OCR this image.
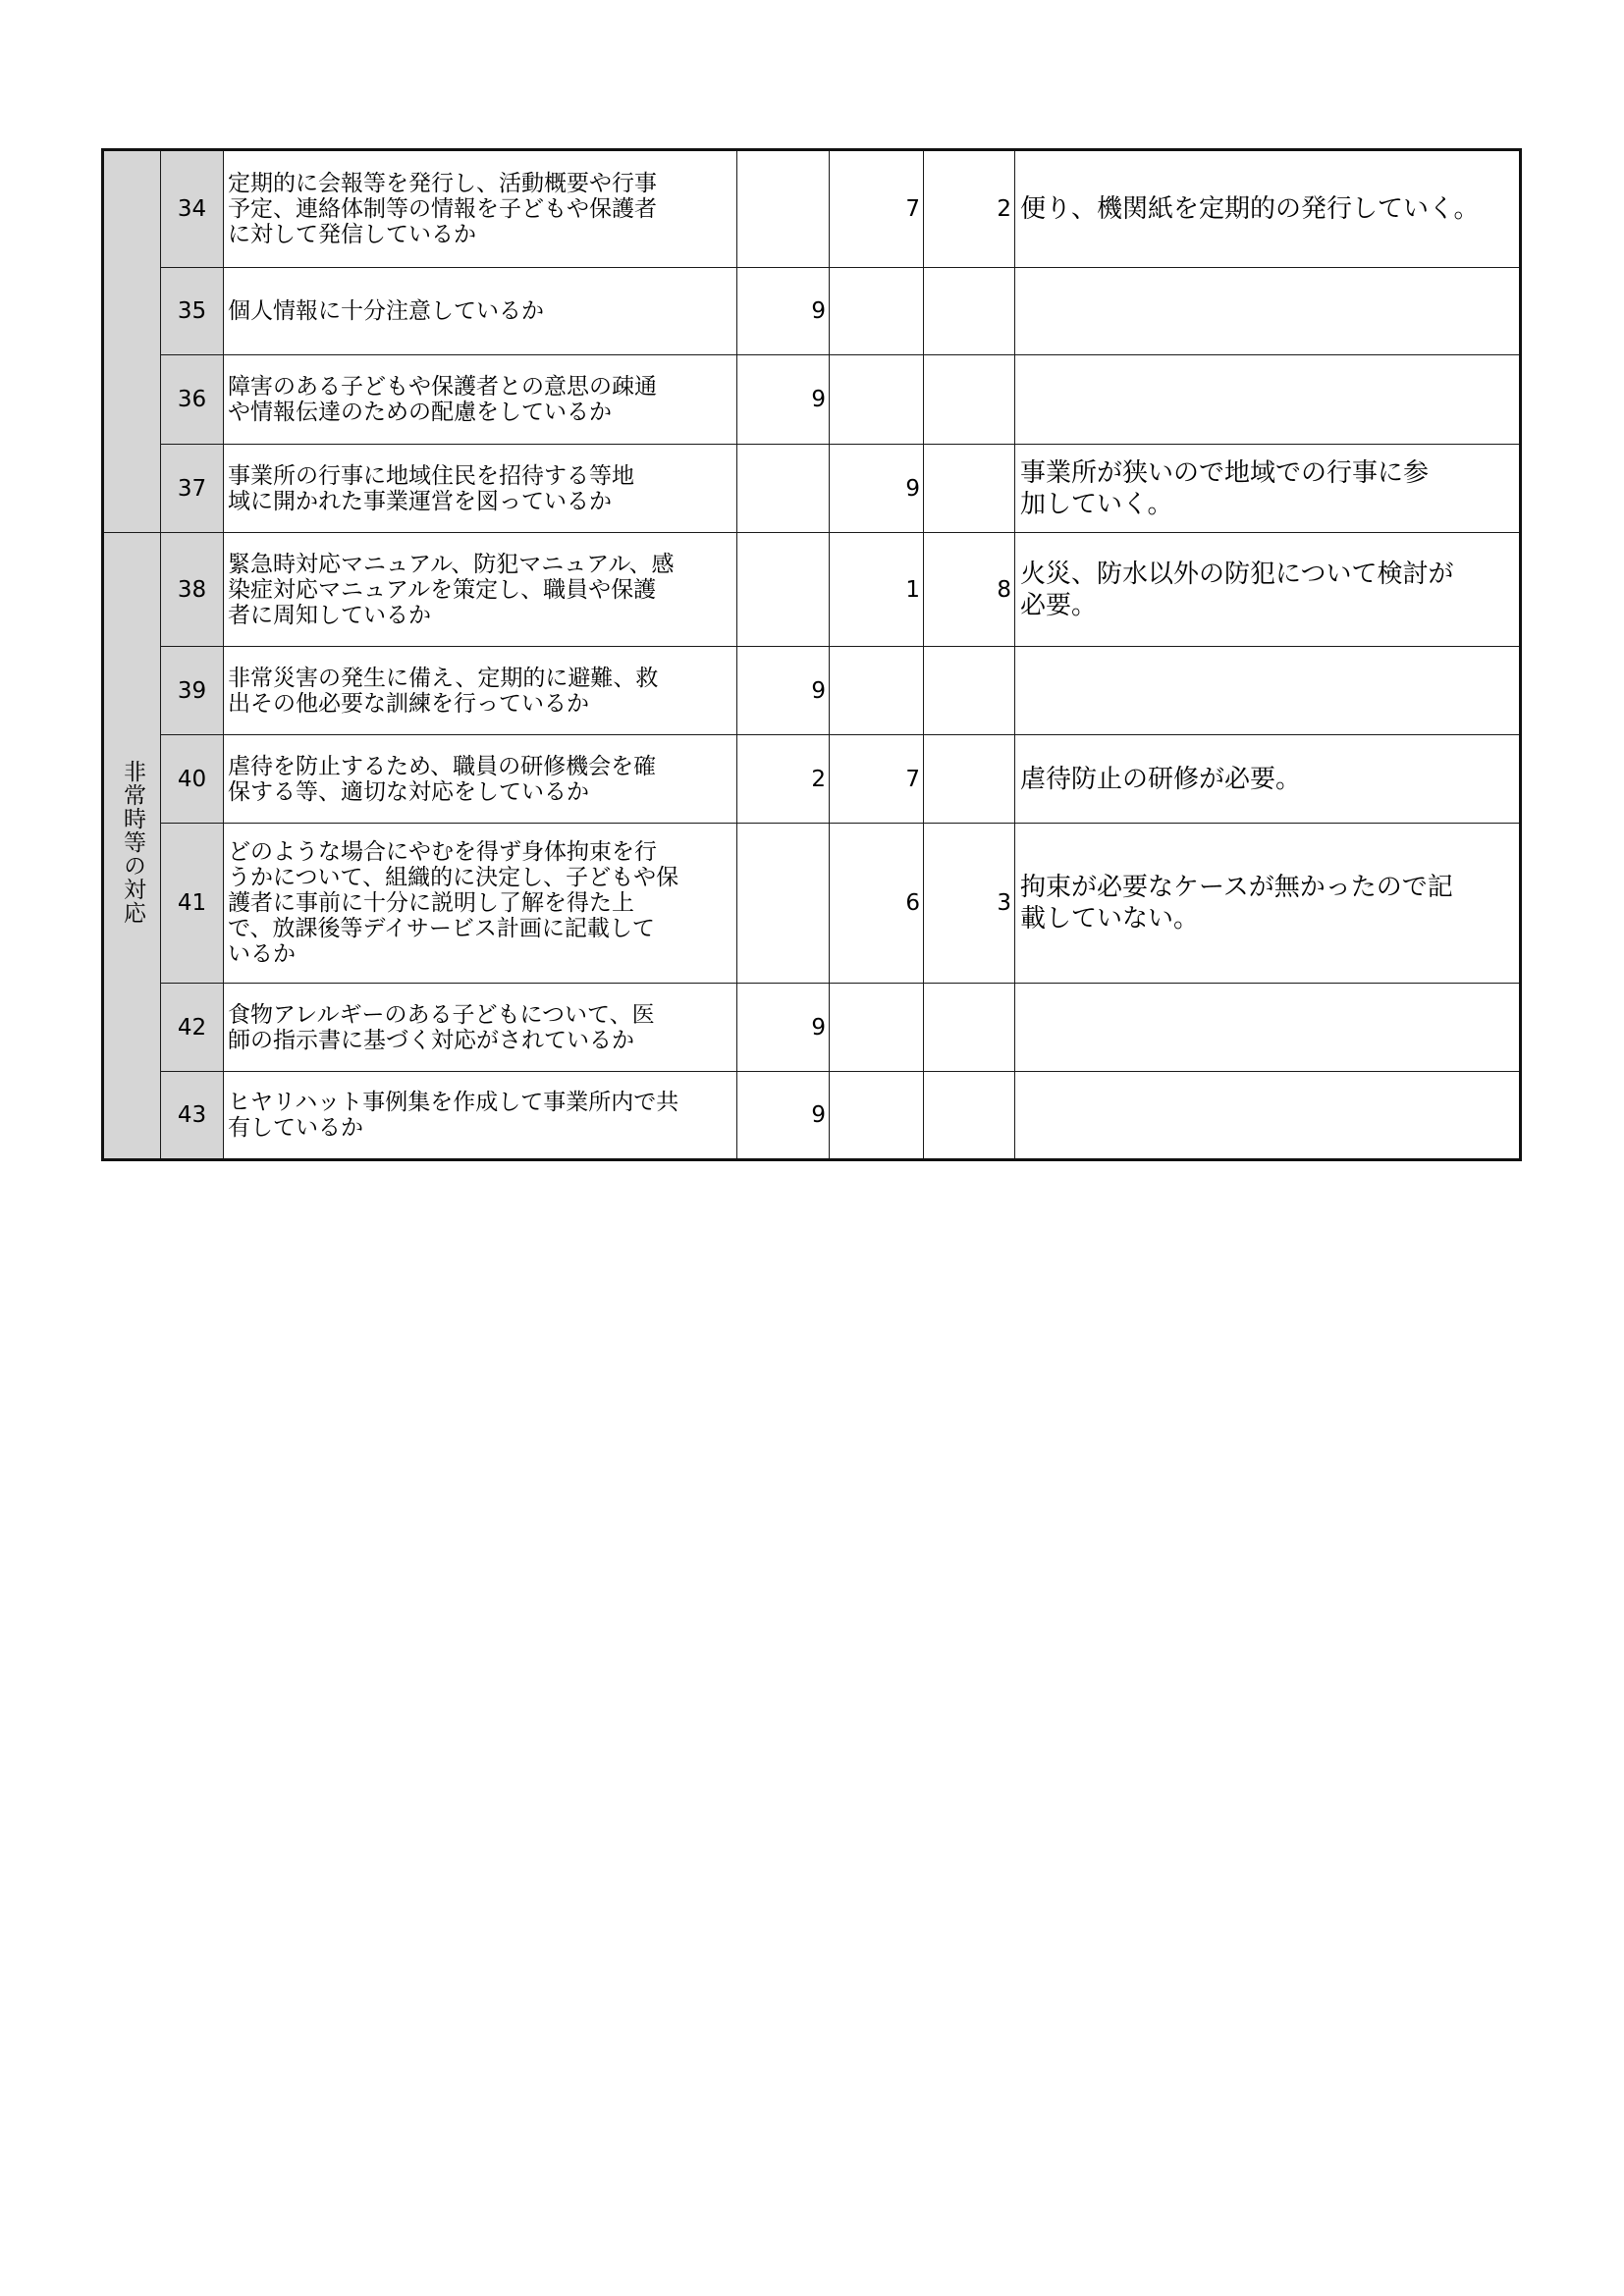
	34	定期的に会報等を発行し、活動概要や行事
予定、連絡体制等の情報を子どもや保護者
に対して発信しているか		7	2	便り、機関紙を定期的の発行していく。
	35	個人情報に十分注意しているか	9			
	36	障害のある子どもや保護者との意思の疎通
や情報伝達のための配慮をしているか	9			
	37	事業所の行事に地域住民を招待する等地
域に開かれた事業運営を図っているか		9		事業所が狭いので地域での行事に参
加していく。
非常時等の対応	38	緊急時対応マニュアル、防犯マニュアル、感
染症対応マニュアルを策定し、職員や保護
者に周知しているか		1	8	火災、防水以外の防犯について検討が
必要。
	39	非常災害の発生に備え、定期的に避難、救
出その他必要な訓練を行っているか	9			
	40	虐待を防止するため、職員の研修機会を確
保する等、適切な対応をしているか	2	7		虐待防止の研修が必要。
	41	どのような場合にやむを得ず身体拘束を行
うかについて、組織的に決定し、子どもや保
護者に事前に十分に説明し了解を得た上
で、放課後等デイサービス計画に記載して
いるか		6	3	拘束が必要なケースが無かったので記
載していない。
	42	食物アレルギーのある子どもについて、医
師の指示書に基づく対応がされているか	9			
	43	ヒヤリハット事例集を作成して事業所内で共
有しているか	9			
